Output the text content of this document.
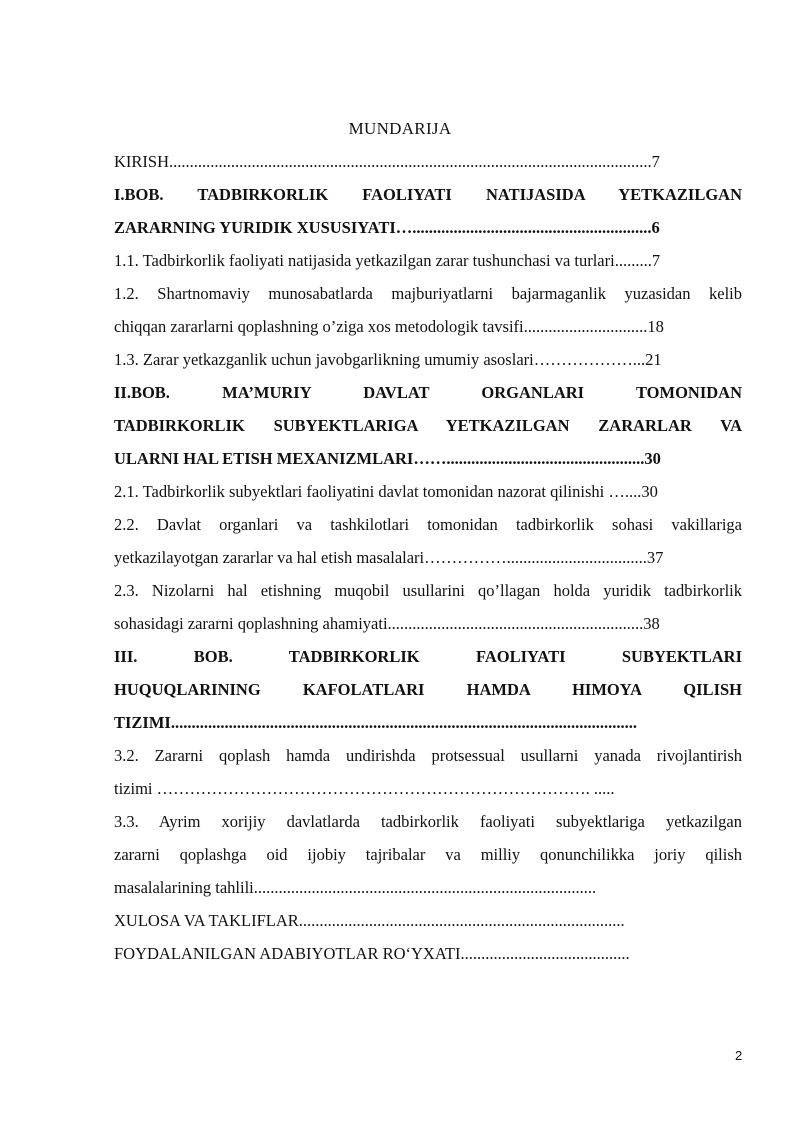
MUNDARIJA
KIRISH.....................................................................................................................7
I.BOB. TADBIRKORLIK FAOLIYATI NATIJASIDA YETKAZILGAN
ZARARNING YURIDIK XUSUSIYATI…..........................................................6
1.1. Tadbirkorlik faoliyati natijasida yetkazilgan zarar tushunchasi va turlari.........7
1.2. Shartnomaviy munosabatlarda majburiyatlarni bajarmaganlik yuzasidan kelib
chiqqan zararlarni qoplashning o’ziga xos metodologik tavsifi..............................18
1.3. Zarar yetkazganlik uchun javobgarlikning umumiy asoslari………………...21
II.BOB. MA’MURIY DAVLAT ORGANLARI TOMONIDAN
TADBIRKORLIK SUBYEKTLARIGA YETKAZILGAN ZARARLAR VA
ULARNI HAL ETISH MEXANIZMLARI……................................................30
2.1. Tadbirkorlik subyektlari faoliyatini davlat tomonidan nazorat qilinishi …....30
2.2. Davlat organlari va tashkilotlari tomonidan tadbirkorlik sohasi vakillariga
yetkazilayotgan zararlar va hal etish masalalari……………..................................37
2.3. Nizolarni hal etishning muqobil usullarini qo’llagan holda yuridik tadbirkorlik
sohasidagi zararni qoplashning ahamiyati..............................................................38
III. BOB. TADBIRKORLIK FAOLIYATI SUBYEKTLARI
HUQUQLARINING KAFOLATLARI HAMDA HIMOYA QILISH
TIZIMI.................................................................................................................
3.2. Zararni qoplash hamda undirishda protsessual usullarni yanada rivojlantirish
tizimi ……………………………………………………………………. .....
3.3. Ayrim xorijiy davlatlarda tadbirkorlik faoliyati subyektlariga yetkazilgan
zararni qoplashga oid ijobiy tajribalar va milliy qonunchilikka joriy qilish
masalalarining tahlili...................................................................................
XULOSA VA TAKLIFLAR...............................................................................
FOYDALANILGAN ADABIYOTLAR RO‘YXATI.........................................
2
